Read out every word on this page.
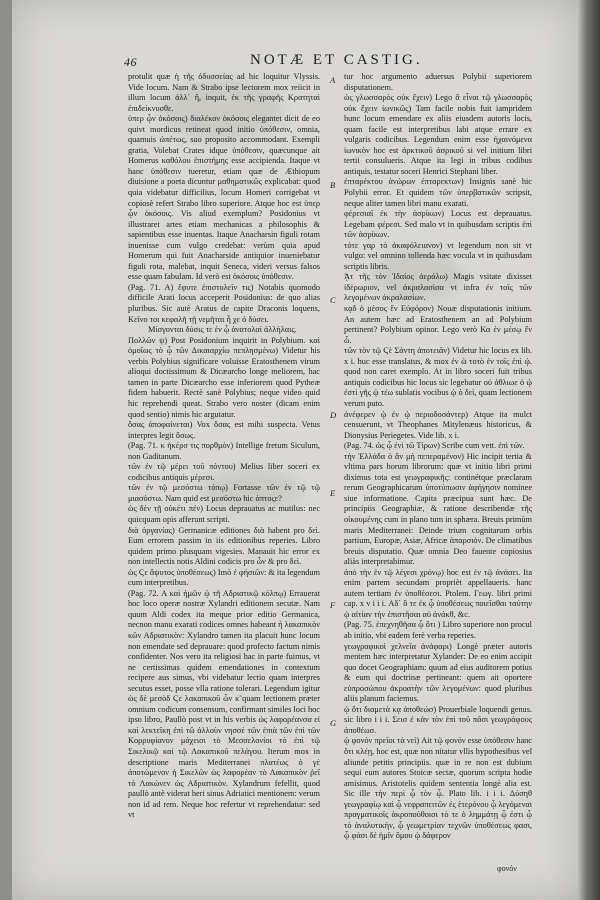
46	NOTÆ ET CASTIG.

protulit quæ ἡ τῆς ὀδυσσείας ad hic loquitur Vlyssis. Vide locum. Nam & Strabo ipse lectorem mox reiicit in illum locum ἀλλ᾽ ἥ, inquit, ἐκ τῆς γραφῆς Κρατηταὶ ἐπιδείκνυσθε.

ὑπερ ᾧν ὁκόσοις) διαλέκον ὁκόσοις elegantet dicit de eo quivt mordicus retineat quod initio ὑπόθεσιν, omnia, quamuis ὡπέτως, suo proposito accommodant. Exempli gratia, Volebat Crates idque ὑπόθεσιν, quæcunque ait Homerus καθόλου ἐπιστήμης esse accipienda. Itaque vt hanc ὑπόθεσιν tueretur, etiam quæ de Æthiopum diuisione a poeta dicuntur μαθηματικῶς explicabat: quod quia videbatur difficilius, locum Homeri corrigebat vt copiosè refert Strabo libro superiore. Atque hoc est ὑπερ ᾧν ὁκόσοις. Vis aliud exemplum? Posidonius vt illustraret artes etiam mechanicas a philosophis & sapientibus esse inuentas. Itaque Anacharsin figuli rotam inuenisse cum vulgo credebat: verùm quia apud Homerum qui fuit Anacharside antiquior inueniebatur figuli rota, malebat, inquit Seneca, videri versus falsos esse quam fabulam. Id verò est ὁκόσοις ὑπόθεσιν.

(Pag. 71. A) ἔφυτε ἐπιστολεῖν τις) Notabis quomodo difficile Arati locus acceperit Posidonius: de quo alias pluribus. Sic autè Aratus de capite Draconis loquens, Κεῖνο τοι κεφαλῆ τῇ νεμῆται ἦ χε ὁ δύσει.

Μίσγονται δύσις τε ἐν ᾧ ἀνατολαί ἀλλήλαις.

Πολλῶν ψ) Post Posidonium inquirit in Polybium. καὶ ὁμοῖως τὸ ᾧ τῶν Δικαιαρχίω πεπλησμένω) Videtur his verbis Polybius significare voluisse Eratosthenem virum alioqui doctissimum & Dicæarcho longe meliorem, hac tamen in parte Dicæarcho esse inferiorem quod Pytheæ fidem habuerit. Rectè sanè Polybius; neque video quid hic reprehendi queat. Strabo vero noster (dicam enim quod sentio) nimis hic argutatur.

ὅσας ἀποφαίνεται) Vox ὅσας est mihi suspecta. Vetus interpres legit ὅσως.

(Pag. 71. κ ἠκέρσ τις πορθμὸν) Intellige fretum Siculum, non Gaditanum.

τῶν ἐν τῷ μέρει τοῦ πόντου) Melius liber soceri ex codicibus antiquis μέρεσι.

τῶν ἐν τῷ μεσόστω τόπῳ) Fortasse τῶν ἐν τῷ τῷ μιασόστω. Nam quid est μεσόστω hic ἀπτοςε?

ὡς δὲν τῇ οὐκέτι πέν) Locus deprauatus ac mutilus: nec quicquam opis afferunt scripti.

διὰ ὀργανίας) Germanicæ editiones διὰ habent pro δεὶ. Eum errorem passim in iis editionibus reperies. Libro quidem primo plusquam vigesies. Manauit hic error ex non intellectis notis Aldini codicis pro ὧν & pro δεὶ.

ὡς Ϛε ἄψυτος ὑποθέσεως) Imò ἐ φήσιῶν: & ita legendum cum interpretibus.

(Pag. 72. A καὶ ἡμῶν ᾠ τῆ Αδριατικῷ κόλπῳ) Errauerat hoc loco operæ nostræ Xylandri editionem secutæ. Nam quum Aldi codex ita meque prior editio Germanica, necnon manu exarati codices omnes habeant ἡ λακαπικὸν κῶν Αδριατικὸν: Xylandro tamen ita placuit hunc locum non emendate sed deprauare: quod profecto factum nimis confidenter. Nos vero ita religiosi hac in parte fuimus, vt ne certissimas quidem emendationes in contextum recipere aus simus, vbi videbatur lectio quam interpres secutus esset, posse vlla ratione tolerari. Legendum igitur ὡς δὲ μεσὸδ Ϛε λακαπικοῦ ὧν κ̃ quam lectionem præter omnium codicum consensum, confirmant similes loci hoc ipso libro, Paullò post vt in his verbis ὡς λαφορέανσα εἰ καὶ λεκτεῖκη ἐπὶ τῶ ἀλλοὺν νησσὲ τῶν ἐπιὰ τῶν ἐπὶ τῶν Κορρυφίανον μάχεισι τὸ Μεσσελονίοι τὸ ἐπὶ τῷ Σικελικῷ καὶ τῷ Λακαπικοῦ πελάγου. Iterum mox in descriptione maris Mediterranei πλατέως ὁ γὲ ἀποτώμενον ἡ Σικελῶν ὡς λαφορέαν τὸ Λακαπικὸν ῥεῖ τὸ Λακώνεν ὡς Αδριατικὸν. Xylandrum fefellit, quod paullò antè viderat heri sinus Adriatici mentionem: verum non id ad rem. Neque hoc refertur vt reprehendatur: sed vt

A
B
C
D
E
F
G

tur hoc argumento aduersus Polybii superiorem disputationem.

ὡς γλωσσαρὸς οὐκ ἔχειν) Lego ἃ εἶναι τῷ γλωσσαρὸς οὐκ ἔχειν ἰωνικῶς) Tam facile nobis fuit iampridem hunc locum emendare ex aliis eiusdem autoris locis, quam facile est interpretibus labi atque errare ex vulgaris codicibus. Legendum enim esse ἠχαινόμενα ἰωνικὸν hoc est ἀρκτικοῦ ἀσρικοῦ si vel initium libri tertii consulueris. Atque ita legi in tribus codibus antiquis, testatur soceri Henrici Stephani liber.

ἐπταρέκτου ἀνώρων ἐπταρεκτων) Insignis sanè hic Polybii error. Et quidem τῶν ὑπερβατικῶν scripsit, neque aliter tamen libri manu exarati.

φέρεσιαῖ ἐκ τὴν ἀσρίκων) Locus est deprauatus. Legebam φέρεσι. Sed malo vt in quibusdam scriptis ἐπὶ τῶν ἀσρίκων.

τότε γαρ τὸ ἀκαφόλειανον) vt legendum non sit vt vulgo: vel omnino tollenda hæc vocula vt in quibusdam scriptis libris.

ᾈτ τῆς τὸν Ἰδαίος ἀεράλω) Magis vsitate dixisset ἰδὲρωριον, vel ἀκραλασὶσα vt infra ἐν τοῖς τῶν λεγομένων ἀκραλασίων.

κᾳδ ὁ μέσος ἔν Εὐφόρον) Nouæ disputationis initium. An autem hæc ad Eratosthenem an ad Polybium pertinent? Polybium opinor. Lego verò Κα ἐν μέσῳ ἕν ὦ.

τῶν τὸν τῷ Ϛὲ Σάντη ἀποτειᾶν) Videtur hic locus ex lib. x i. huc esse translatus, & mox ἐν ὡ τοτὸ ἐν τοῖς ἐπὶ ᾠ. quod non caret exemplo. At in libro soceri fuit tribus antiquis codicibus hic locus sic legebatur οὐ ἀθλιωε ὁ ᾠ ἐστὶ γῆς ᾠ τέω sublatis vocibus ᾠ ὁ δεὶ, quam lectionem verum puto.

ἀνέφερεν ᾠ ἐν ᾠ περιοδοσάντερ) Atque ita mulct censuerunt, vt Theophanes Mitylenæus historicus, & Dionysius Periegetes. Vide lib. x i.

(Pag. 74. ὡς ᾧ ἐνὶ τῶ Τίρων) Scribe cum vett. ἐπὶ τῶν.

τὴν Ἐλλάδα ὁ ἂν μὴ πεπεραμένον) Hic incipit tertia & vltima pars horum librorum: quæ vt initio libri primi diximus tota est γεωγραφικῆς: continétque præclaram rerum Geographicarum ὑποτύπωσιν ἀφήγησιν nominee siue informatione. Capita præcipua sunt hæc. De principiis Geographiæ, & ratione describendæ τῆς οἰκουμένης cum in plano tum in sphæra. Breuis primùm maris Mediterranei: Deinde trium cognitarum orbis partium, Europæ, Asiæ, Africæ ἀπαρσιόν. De climatibus breuis disputatio. Quæ omnia Deo fauente copiosius aliàs interpretabimur.

ἀπό τὴν ἐν τῷ λέγεσι χρόνῳ) hoc est ἐν τῷ ἀνάσει. Ita enim partem secundam proprièt appellaueris. hanc autem tertiam ἐν ὑποθέσεσι. Ptolem. Γεωγ. libri primi cap. x v i i i. Αδ᾽ ὃ τε ἐκ ᾧ ὑποθέσεως ποιεῖσθαι ταύτην ᾠ αἰτίαν τὴν ἐπιστῆσαι αὐ ἀνάκθ, &c.

(Pag. 75. ἐπεχνηθῆσα ᾧ ὅτι ) Libro superiore non procul ab initio, vbi eadem ferè verba reperies.

γεωγραφικοὶ χελνεῖα ἀνάφαρι) Longè præter autoris mentem hæc interpretatur Xylander: De eo enim accipit quo docet Geographiam: quum ad eius auditorem potius & eum qui doctrinæ pertineant: quem ait oportere εὐπροσώπου ἀκροατὴν τῶν λεγομένων: quod pluribus aliis planum faciemus.

ᾠ ὅτι διαμετὰ κᾳ ἀποθεώσ) Prouerbiale loquendi genus. sic libro i i i. Σεισ ἐ κἀν τὸν ἐπὶ τοῦ πᾶσι γεωγράφους ἀποθέωσ.

ᾠ φονόν πρεῖοι τὰ νεί) Ait τῷ φονόν esse ὑπόθεσιν hanc ὅτι κλέῃ, hoc est, quæ non nitatur vllis hypothesibus vel aliunde petitis principiis. quæ in re non est dubium sequi eum autores Stoicæ sectæ, quorum scripta hodie amisimus. Aristotelis quidem sententia longè alia est. Sic ille τὴν περὶ ᾧ τὸν ᾧ. Plato lib. i i i. Δύσηθ γεωγραφίῳ καὶ ᾧ νεφραπειτῶν ἐς ἑτερόνου ᾧ λεγόμεναι πραγματικοῖς ἀκροπούθοισι τὸ τε ὁ λημμάτῃ ᾧ ἐστι ᾧ τὸ ἀναλυτικὴν, ᾧ γεωμετρίαν τεχνῶν ὑποθέσεως φασι, ᾧ φάσι δέ ἡμῖν ὅμου ᾠ δάφερον

φονόν
